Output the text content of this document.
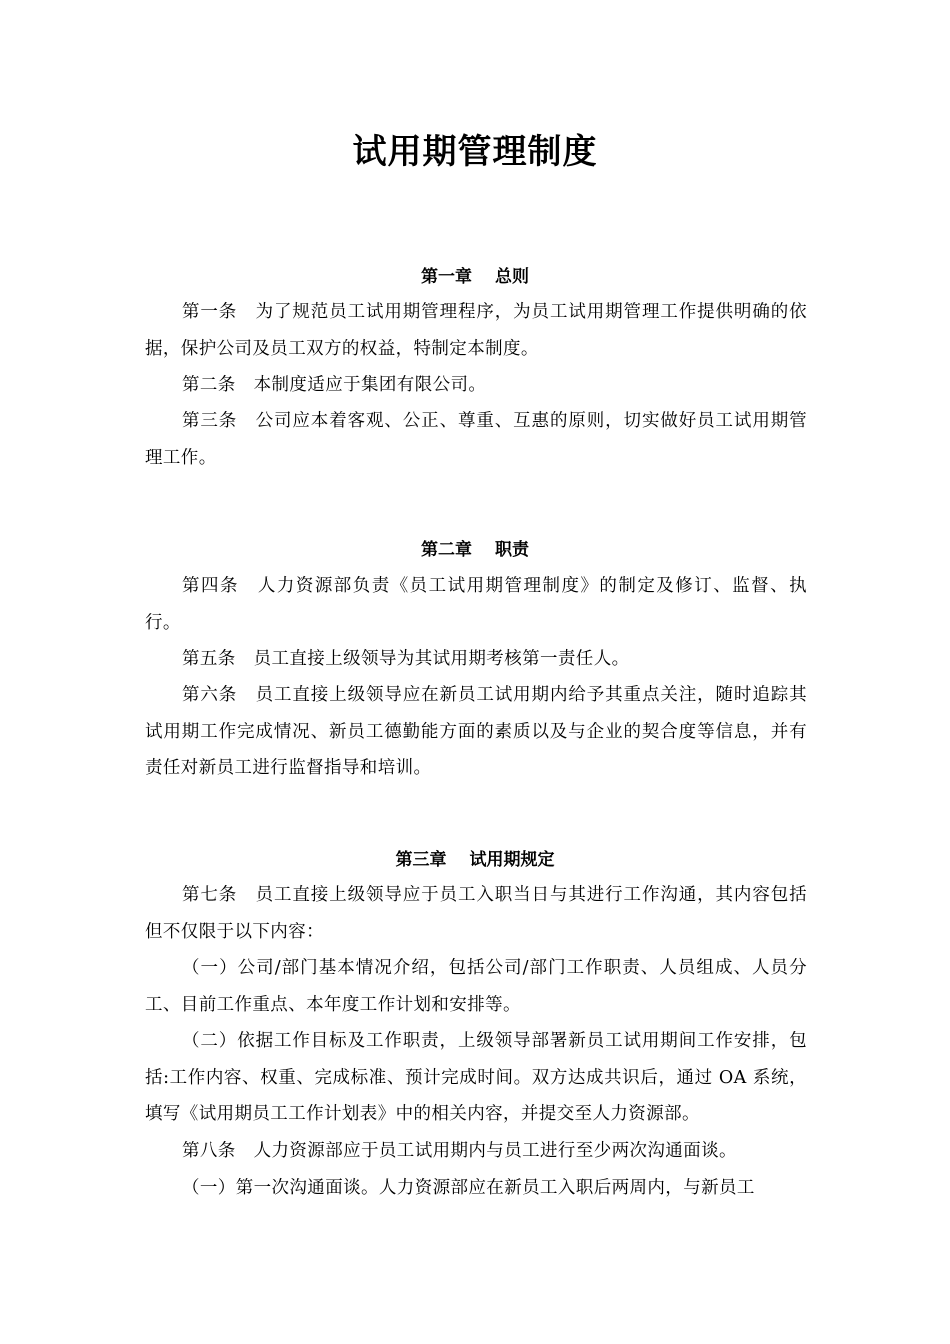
试用期管理制度
第一章　 总则

第一条　 为了规范员工试用期管理程序，为员工试用期管理工作提供明确的依据，保护公司及员工双方的权益，特制定本制度。

第二条　 本制度适应于集团有限公司。

第三条　 公司应本着客观、公正、尊重、互惠的原则，切实做好员工试用期管理工作。

第二章　 职责

第四条　 人力资源部负责《员工试用期管理制度》的制定及修订、监督、执行。

第五条　 员工直接上级领导为其试用期考核第一责任人。

第六条　 员工直接上级领导应在新员工试用期内给予其重点关注，随时追踪其试用期工作完成情况、新员工德勤能方面的素质以及与企业的契合度等信息，并有责任对新员工进行监督指导和培训。

第三章　 试用期规定

第七条　 员工直接上级领导应于员工入职当日与其进行工作沟通，其内容包括但不仅限于以下内容：

（一）公司/部门基本情况介绍，包括公司/部门工作职责、人员组成、人员分工、目前工作重点、本年度工作计划和安排等。

（二）依据工作目标及工作职责，上级领导部署新员工试用期间工作安排，包括:工作内容、权重、完成标准、预计完成时间。双方达成共识后，通过 OA 系统，填写《试用期员工工作计划表》中的相关内容，并提交至人力资源部。

第八条　 人力资源部应于员工试用期内与员工进行至少两次沟通面谈。

（一）第一次沟通面谈。人力资源部应在新员工入职后两周内，与新员工
